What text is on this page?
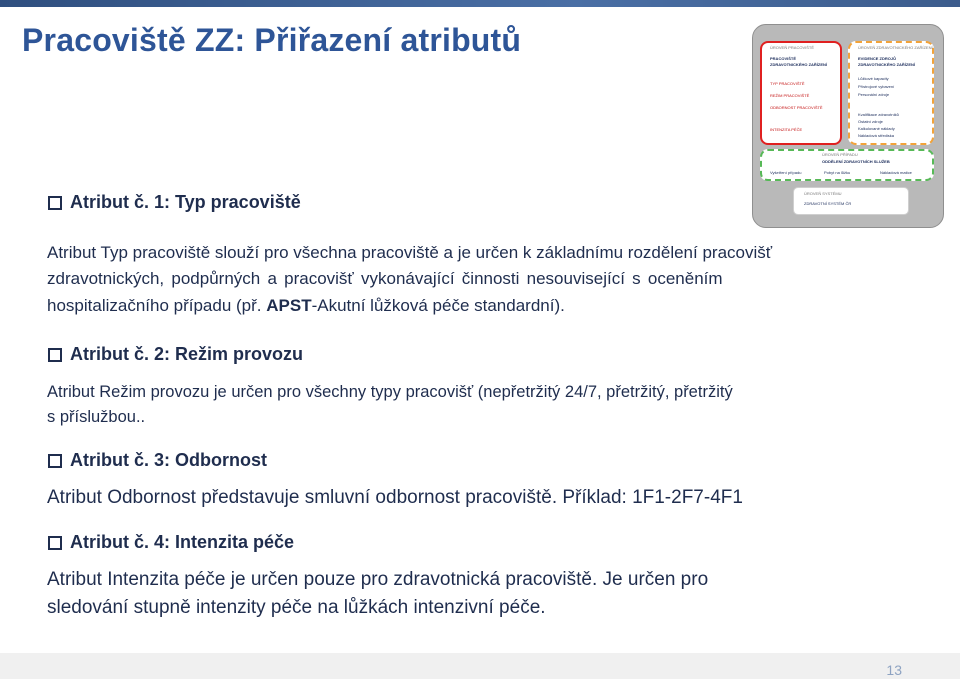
Pracoviště ZZ: Přiřazení atributů	ÚROVEŇ PRACOVIŠTĚ
PRACOVIŠTĚ
ZDRAVOTNICKÉHO ZAŘÍZENÍ
TYP PRACOVIŠTĚ
REŽIM PRACOVIŠTĚ
ODBORNOST PRACOVIŠTĚ
INTENZITA PÉČE
ÚROVEŇ ZDRAVOTNICKÉHO ZAŘÍZENÍ
EVIDENCE ZDROJŮ
ZDRAVOTNICKÉHO ZAŘÍZENÍ
Lůžkové kapacity
Přístrojové vybavení
Personální zdroje
Kvalifikace zdravotníků
Ostatní zdroje
Kalkulované náklady
Nákladová střediska
ÚROVEŇ PŘÍPADU
ODDĚLENÍ ZDRAVOTNÍCH SLUŽEB
Vyšetření případu	Pobyt na lůžku	Nákladová matice
ÚROVEŇ SYSTÉMU
ZDRAVOTNÍ SYSTÉM ČR
Atribut č. 1: Typ pracoviště
Atribut Typ pracoviště slouží pro všechna pracoviště a je určen k základnímu rozdělení pracovišť
zdravotnických, podpůrných a pracovišť vykonávající činnosti nesouvisející s oceněním
hospitalizačního případu (př. APST-Akutní lůžková péče standardní).
Atribut č. 2: Režim provozu
Atribut Režim provozu je určen pro všechny typy pracovišť (nepřetržitý 24/7, přetržitý, přetržitý
s příslužbou..
Atribut č. 3: Odbornost
Atribut Odbornost představuje smluvní odbornost pracoviště. Příklad: 1F1-2F7-4F1
Atribut č. 4: Intenzita péče
Atribut Intenzita péče je určen pouze pro zdravotnická pracoviště. Je určen pro
sledování stupně intenzity péče na lůžkách intenzivní péče.
13
